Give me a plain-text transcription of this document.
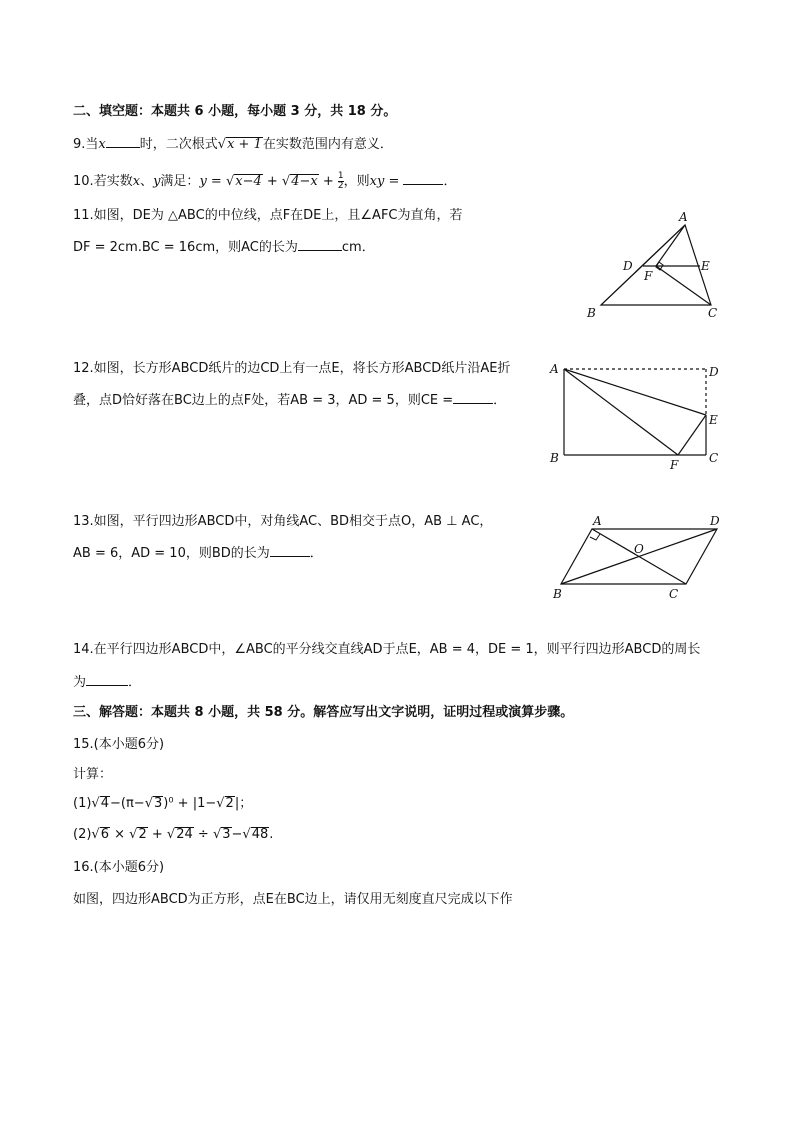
二、填空题：本题共 6 小题，每小题 3 分，共 18 分。
9.当x	时，二次根式√x + 1在实数范围内有意义．
10.若实数x、y满足：$y = √x-4 + √4-x + \frac{1}{2}$ ，则xy =	．
11.如图，DE为 △ABC的中位线，点F在DE上，且∠AFC为直角，若
DF = 2cm.BC = 16cm，则AC的长为	cm．
A
D	E
F
B	C
12.如图，长方形ABCD纸片的边CD上有一点E，将长方形ABCD纸片沿AE折
叠，点D恰好落在BC边上的点F处，若AB = 3，AD = 5，则CE =	．
A	D
E
B	F	C
13.如图，平行四边形ABCD中，对角线AC、BD相交于点O，AB ⊥ AC，
AB = 6，AD = 10，则BD的长为	．
A	D
O
B	C
14.在平行四边形ABCD中，∠ABC的平分线交直线AD于点E，AB = 4，DE = 1，则平行四边形ABCD的周长
为	．
三、解答题：本题共 8 小题，共 58 分。解答应写出文字说明，证明过程或演算步骤。
15.(本小题6分)
计算：
(1)√4−(π−√3)⁰ + |1−√2|；
(2)√6 × √2 + √24 ÷ √3−√48.
16.(本小题6分)
如图，四边形ABCD为正方形，点E在BC边上，请仅用无刻度直尺完成以下作
